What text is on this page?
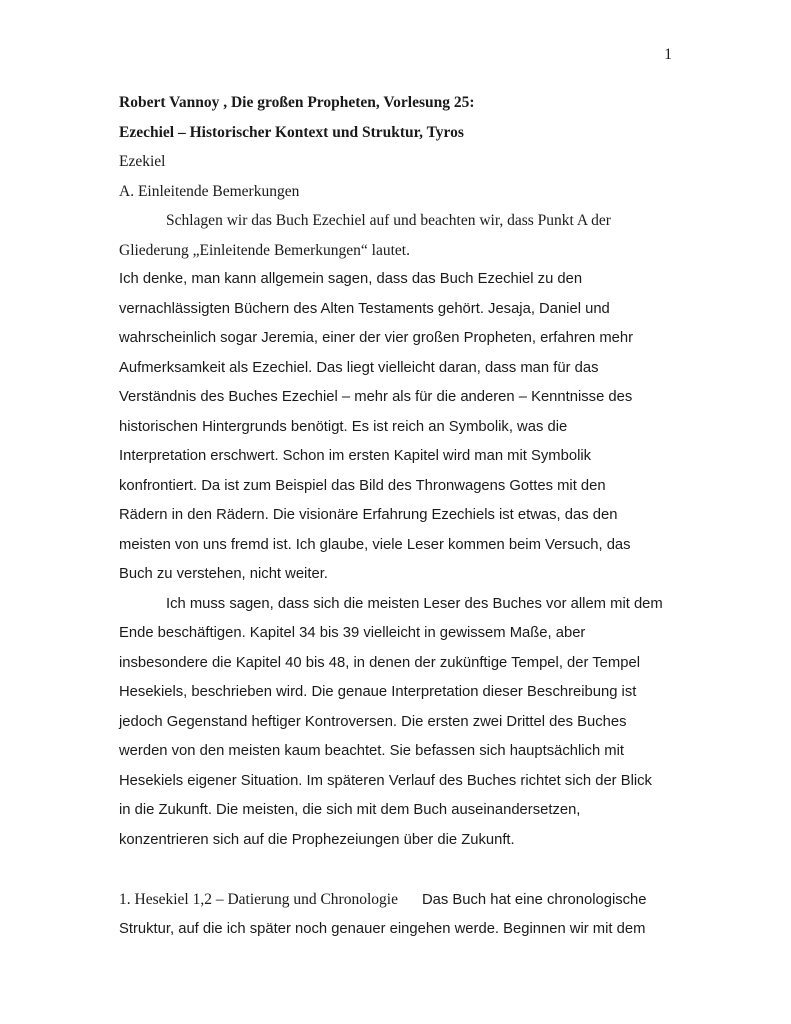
1
Robert Vannoy , Die großen Propheten, Vorlesung 25:
Ezechiel – Historischer Kontext und Struktur, Tyros
Ezekiel
A. Einleitende Bemerkungen
Schlagen wir das Buch Ezechiel auf und beachten wir, dass Punkt A der
Gliederung „Einleitende Bemerkungen“ lautet.
Ich denke, man kann allgemein sagen, dass das Buch Ezechiel zu den
vernachlässigten Büchern des Alten Testaments gehört. Jesaja, Daniel und
wahrscheinlich sogar Jeremia, einer der vier großen Propheten, erfahren mehr
Aufmerksamkeit als Ezechiel. Das liegt vielleicht daran, dass man für das
Verständnis des Buches Ezechiel – mehr als für die anderen – Kenntnisse des
historischen Hintergrunds benötigt. Es ist reich an Symbolik, was die
Interpretation erschwert. Schon im ersten Kapitel wird man mit Symbolik
konfrontiert. Da ist zum Beispiel das Bild des Thronwagens Gottes mit den
Rädern in den Rädern. Die visionäre Erfahrung Ezechiels ist etwas, das den
meisten von uns fremd ist. Ich glaube, viele Leser kommen beim Versuch, das
Buch zu verstehen, nicht weiter.
Ich muss sagen, dass sich die meisten Leser des Buches vor allem mit dem
Ende beschäftigen. Kapitel 34 bis 39 vielleicht in gewissem Maße, aber
insbesondere die Kapitel 40 bis 48, in denen der zukünftige Tempel, der Tempel
Hesekiels, beschrieben wird. Die genaue Interpretation dieser Beschreibung ist
jedoch Gegenstand heftiger Kontroversen. Die ersten zwei Drittel des Buches
werden von den meisten kaum beachtet. Sie befassen sich hauptsächlich mit
Hesekiels eigener Situation. Im späteren Verlauf des Buches richtet sich der Blick
in die Zukunft. Die meisten, die sich mit dem Buch auseinandersetzen,
konzentrieren sich auf die Prophezeiungen über die Zukunft.
1. Hesekiel 1,2 – Datierung und Chronologie Das Buch hat eine chronologische
Struktur, auf die ich später noch genauer eingehen werde. Beginnen wir mit dem
